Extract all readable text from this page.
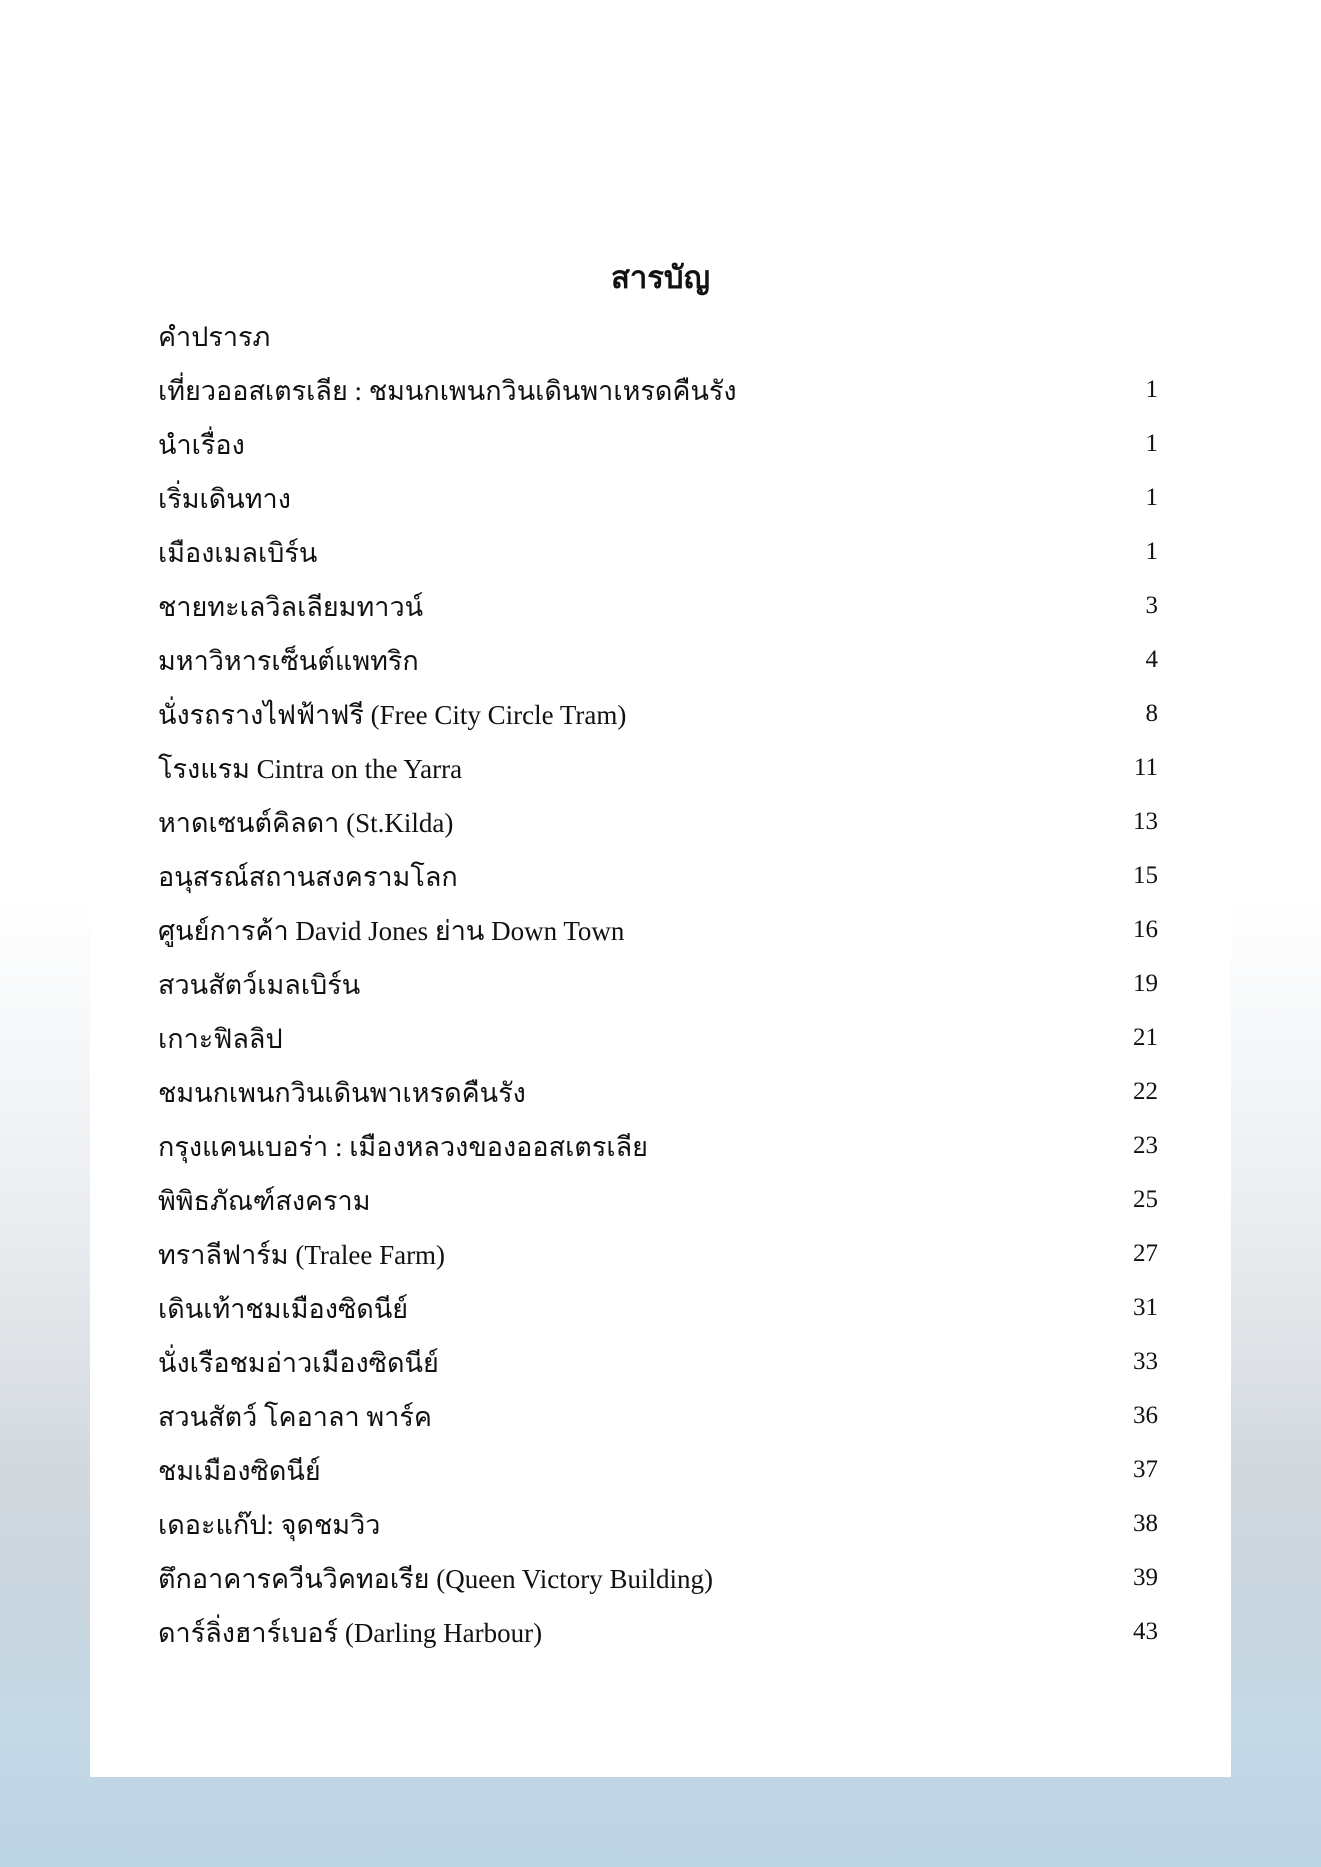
สารบัญ
คำปรารภ
เที่ยวออสเตรเลีย : ชมนกเพนกวินเดินพาเหรดคืนรัง	1
นำเรื่อง	1
เริ่มเดินทาง	1
เมืองเมลเบิร์น	1
ชายทะเลวิลเลียมทาวน์	3
มหาวิหารเซ็นต์แพทริก	4
นั่งรถรางไฟฟ้าฟรี (Free City Circle Tram)	8
โรงแรม Cintra on the Yarra	11
หาดเซนต์คิลดา (St.Kilda)	13
อนุสรณ์สถานสงครามโลก	15
ศูนย์การค้า David Jones ย่าน Down Town	16
สวนสัตว์เมลเบิร์น	19
เกาะฟิลลิป	21
ชมนกเพนกวินเดินพาเหรดคืนรัง	22
กรุงแคนเบอร่า : เมืองหลวงของออสเตรเลีย	23
พิพิธภัณฑ์สงคราม	25
ทราลีฟาร์ม (Tralee Farm)	27
เดินเท้าชมเมืองซิดนีย์	31
นั่งเรือชมอ่าวเมืองซิดนีย์	33
สวนสัตว์ โคอาลา พาร์ค	36
ชมเมืองซิดนีย์	37
เดอะแก๊ป: จุดชมวิว	38
ตึกอาคารควีนวิคทอเรีย (Queen Victory Building)	39
ดาร์ลิ่งฮาร์เบอร์ (Darling Harbour)	43
